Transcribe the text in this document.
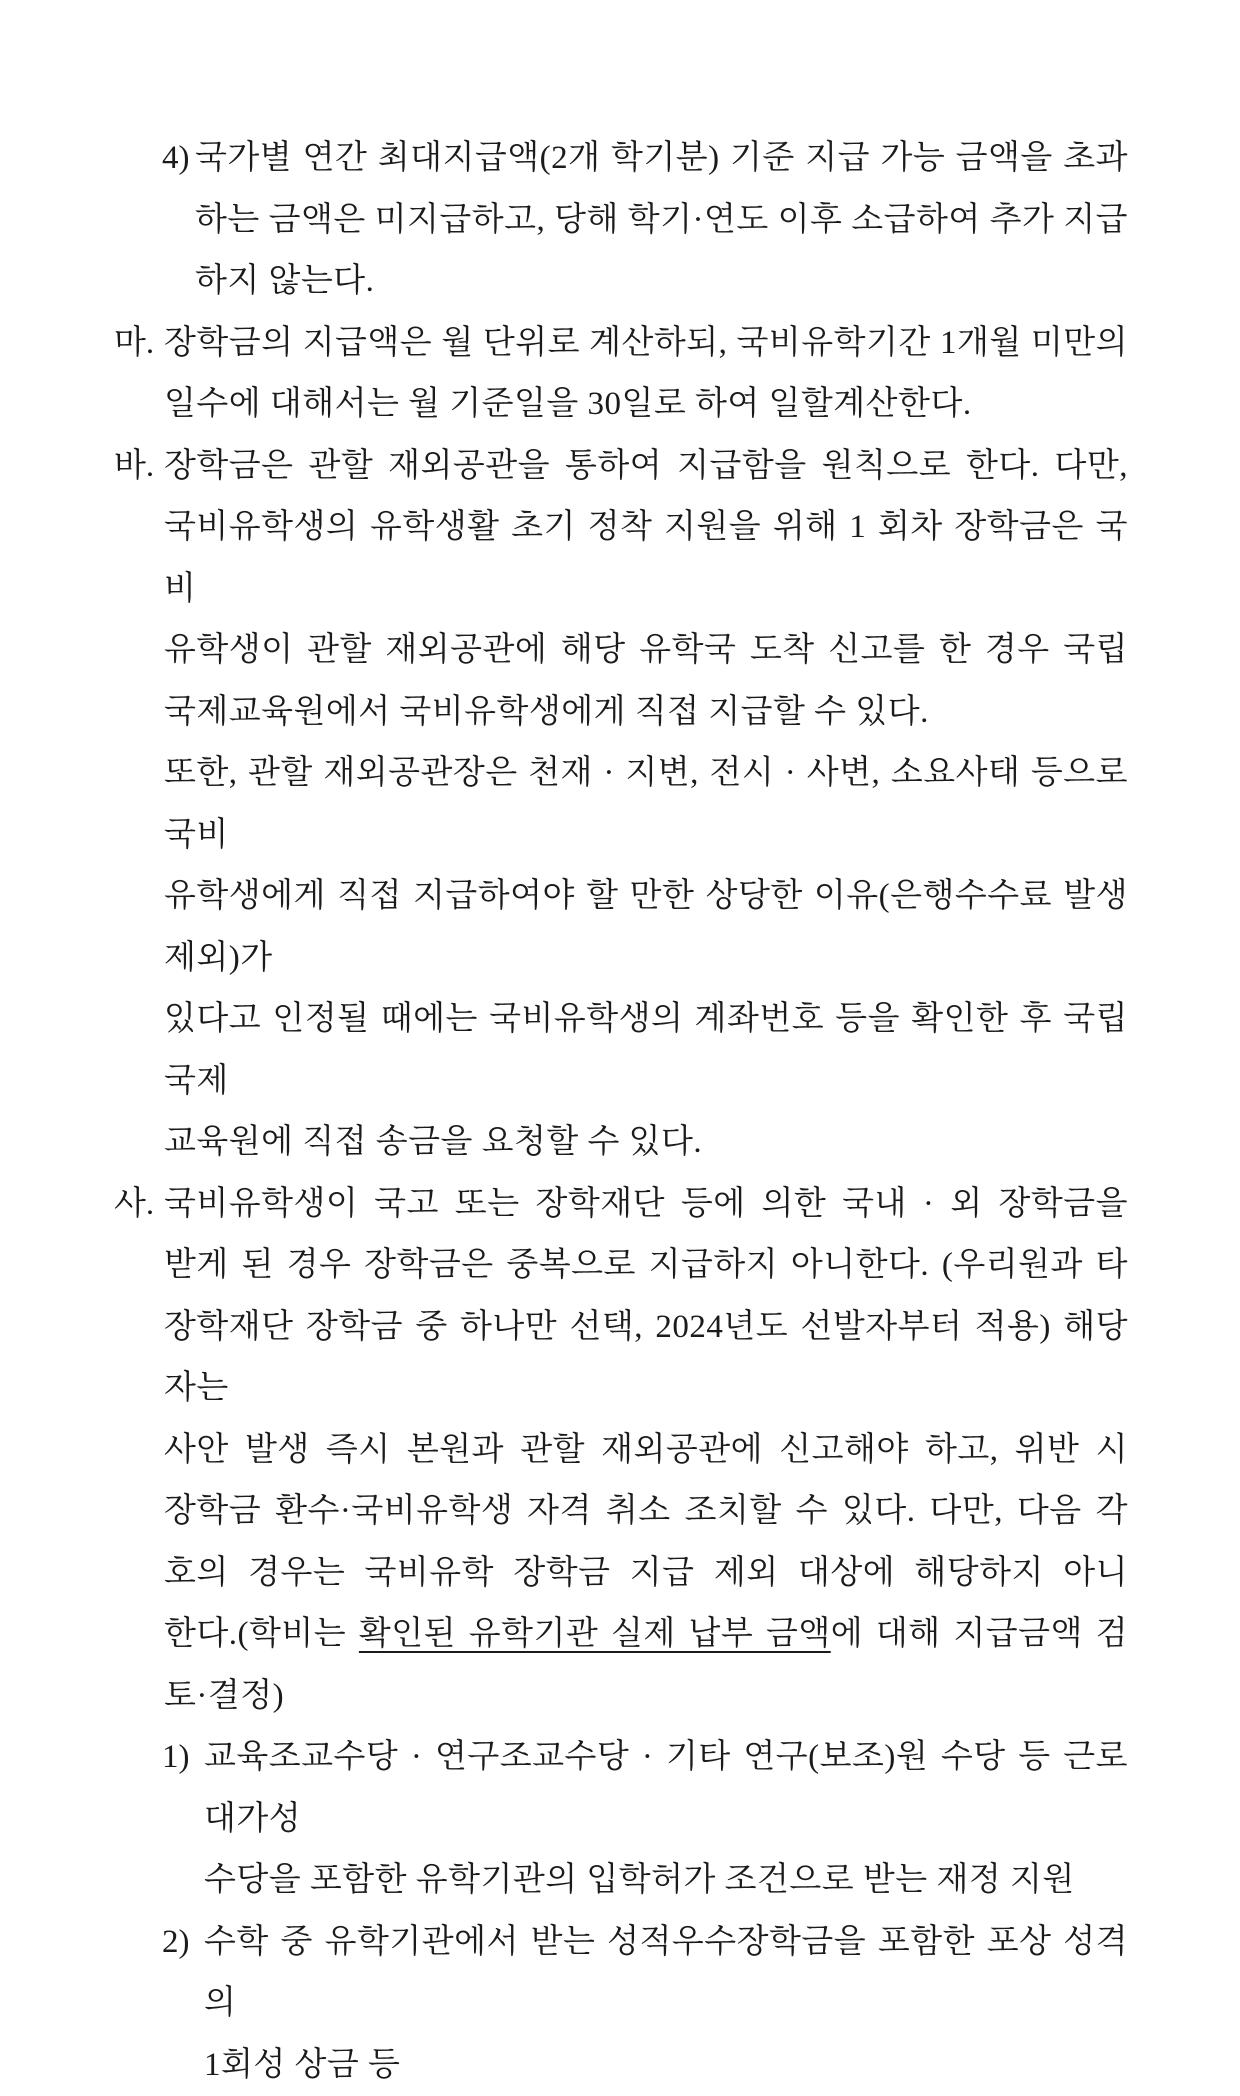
4) 국가별 연간 최대지급액(2개 학기분) 기준 지급 가능 금액을 초과
하는 금액은 미지급하고, 당해 학기·연도 이후 소급하여 추가 지급
하지 않는다.
마. 장학금의 지급액은 월 단위로 계산하되, 국비유학기간 1개월 미만의
일수에 대해서는 월 기준일을 30일로 하여 일할계산한다.
바. 장학금은 관할 재외공관을 통하여 지급함을 원칙으로 한다. 다만,
국비유학생의 유학생활 초기 정착 지원을 위해 1 회차 장학금은 국비
유학생이 관할 재외공관에 해당 유학국 도착 신고를 한 경우 국립
국제교육원에서 국비유학생에게 직접 지급할 수 있다.
또한, 관할 재외공관장은 천재 · 지변, 전시 · 사변, 소요사태 등으로 국비
유학생에게 직접 지급하여야 할 만한 상당한 이유(은행수수료 발생 제외)가
있다고 인정될 때에는 국비유학생의 계좌번호 등을 확인한 후 국립국제
교육원에 직접 송금을 요청할 수 있다.
사. 국비유학생이 국고 또는 장학재단 등에 의한 국내 · 외 장학금을
받게 된 경우 장학금은 중복으로 지급하지 아니한다. (우리원과 타
장학재단 장학금 중 하나만 선택, 2024년도 선발자부터 적용) 해당자는
사안 발생 즉시 본원과 관할 재외공관에 신고해야 하고, 위반 시
장학금 환수·국비유학생 자격 취소 조치할 수 있다. 다만, 다음 각
호의 경우는 국비유학 장학금 지급 제외 대상에 해당하지 아니
한다.(학비는 확인된 유학기관 실제 납부 금액에 대해 지급금액 검토·결정)
1) 교육조교수당 · 연구조교수당 · 기타 연구(보조)원 수당 등 근로대가성
수당을 포함한 유학기관의 입학허가 조건으로 받는 재정 지원
2) 수학 중 유학기관에서 받는 성적우수장학금을 포함한 포상 성격의
1회성 상금 등
